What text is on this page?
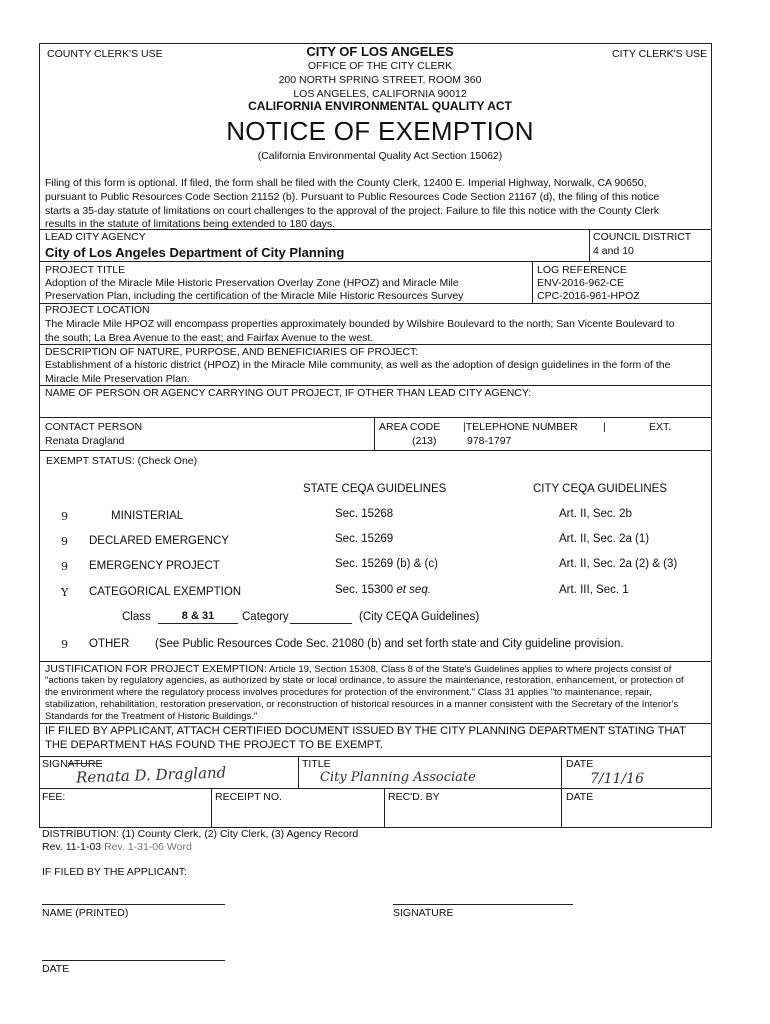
COUNTY CLERK'S USE	CITY CLERK'S USE
CITY OF LOS ANGELES
OFFICE OF THE CITY CLERK
200 NORTH SPRING STREET, ROOM 360
LOS ANGELES, CALIFORNIA 90012
CALIFORNIA ENVIRONMENTAL QUALITY ACT
NOTICE OF EXEMPTION
(California Environmental Quality Act Section 15062)
Filing of this form is optional. If filed, the form shall be filed with the County Clerk, 12400 E. Imperial Highway, Norwalk, CA 90650,
pursuant to Public Resources Code Section 21152 (b). Pursuant to Public Resources Code Section 21167 (d), the filing of this notice
starts a 35-day statute of limitations on court challenges to the approval of the project. Failure to file this notice with the County Clerk
results in the statute of limitations being extended to 180 days.
LEAD CITY AGENCY
City of Los Angeles Department of City Planning
COUNCIL DISTRICT
4 and 10
PROJECT TITLE
Adoption of the Miracle Mile Historic Preservation Overlay Zone (HPOZ) and Miracle Mile
Preservation Plan, including the certification of the Miracle Mile Historic Resources Survey
LOG REFERENCE
ENV-2016-962-CE
CPC-2016-961-HPOZ
PROJECT LOCATION
The Miracle Mile HPOZ will encompass properties approximately bounded by Wilshire Boulevard to the north; San Vicente Boulevard to
the south; La Brea Avenue to the east; and Fairfax Avenue to the west.
DESCRIPTION OF NATURE, PURPOSE, AND BENEFICIARIES OF PROJECT:
Establishment of a historic district (HPOZ) in the Miracle Mile community, as well as the adoption of design guidelines in the form of the
Miracle Mile Preservation Plan.
NAME OF PERSON OR AGENCY CARRYING OUT PROJECT, IF OTHER THAN LEAD CITY AGENCY:
CONTACT PERSON
Renata Dragland
AREA CODE
(213)
|TELEPHONE NUMBER
978-1797
|	EXT.
EXEMPT STATUS: (Check One)
STATE CEQA GUIDELINES	CITY CEQA GUIDELINES
9	MINISTERIAL	Sec. 15268	Art. II, Sec. 2b
9 DECLARED EMERGENCY	Sec. 15269	Art. II, Sec. 2a (1)
9 EMERGENCY PROJECT	Sec. 15269 (b) & (c)	Art. II, Sec. 2a (2) & (3)
Y CATEGORICAL EXEMPTION	Sec. 15300 et seq.	Art. III, Sec. 1
Class	8 & 31	Category	(City CEQA Guidelines)
9 OTHER (See Public Resources Code Sec. 21080 (b) and set forth state and City guideline provision.
JUSTIFICATION FOR PROJECT EXEMPTION: Article 19, Section 15308, Class 8 of the State's Guidelines applies to where projects consist of
"actions taken by regulatory agencies, as authorized by state or local ordinance, to assure the maintenance, restoration, enhancement, or protection of
the environment where the regulatory process involves procedures for protection of the environment." Class 31 applies "to maintenance, repair,
stabilization, rehabilitation, restoration preservation, or reconstruction of historical resources in a manner consistent with the Secretary of the Interior's
Standards for the Treatment of Historic Buildings."
IF FILED BY APPLICANT, ATTACH CERTIFIED DOCUMENT ISSUED BY THE CITY PLANNING DEPARTMENT STATING THAT
THE DEPARTMENT HAS FOUND THE PROJECT TO BE EXEMPT.
SIGNATURE
Renata D. Dragland	TITLE
City Planning Associate
DATE
7/11/16
FEE:	RECEIPT NO.	REC'D. BY	DATE
DISTRIBUTION: (1) County Clerk, (2) City Clerk, (3) Agency Record
Rev. 11-1-03 Rev. 1-31-06 Word
IF FILED BY THE APPLICANT:
NAME (PRINTED)	SIGNATURE
DATE
